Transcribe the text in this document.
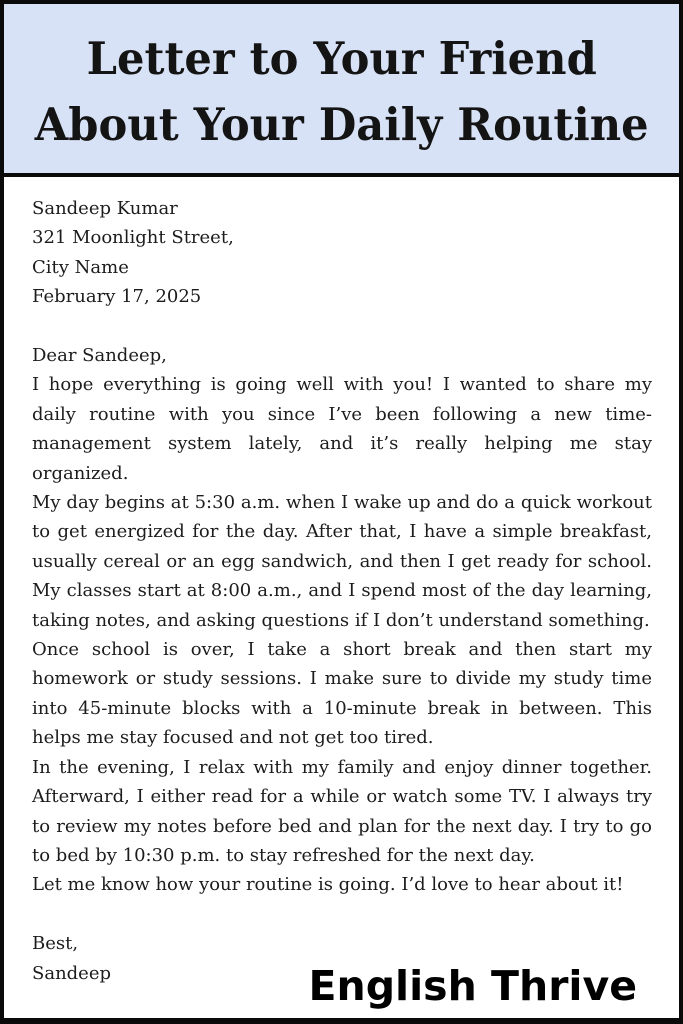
Letter to Your Friend
About Your Daily Routine
Sandeep Kumar
321 Moonlight Street,
City Name
February 17, 2025
Dear Sandeep,
I hope everything is going well with you! I wanted to share my daily routine with you since I’ve been following a new time-management system lately, and it’s really helping me stay organized.
My day begins at 5:30 a.m. when I wake up and do a quick workout to get energized for the day. After that, I have a simple breakfast, usually cereal or an egg sandwich, and then I get ready for school. My classes start at 8:00 a.m., and I spend most of the day learning, taking notes, and asking questions if I don’t understand something.
Once school is over, I take a short break and then start my homework or study sessions. I make sure to divide my study time into 45-minute blocks with a 10-minute break in between. This helps me stay focused and not get too tired.
In the evening, I relax with my family and enjoy dinner together. Afterward, I either read for a while or watch some TV. I always try to review my notes before bed and plan for the next day. I try to go to bed by 10:30 p.m. to stay refreshed for the next day.
Let me know how your routine is going. I’d love to hear about it!
Best,
Sandeep	English Thrive
